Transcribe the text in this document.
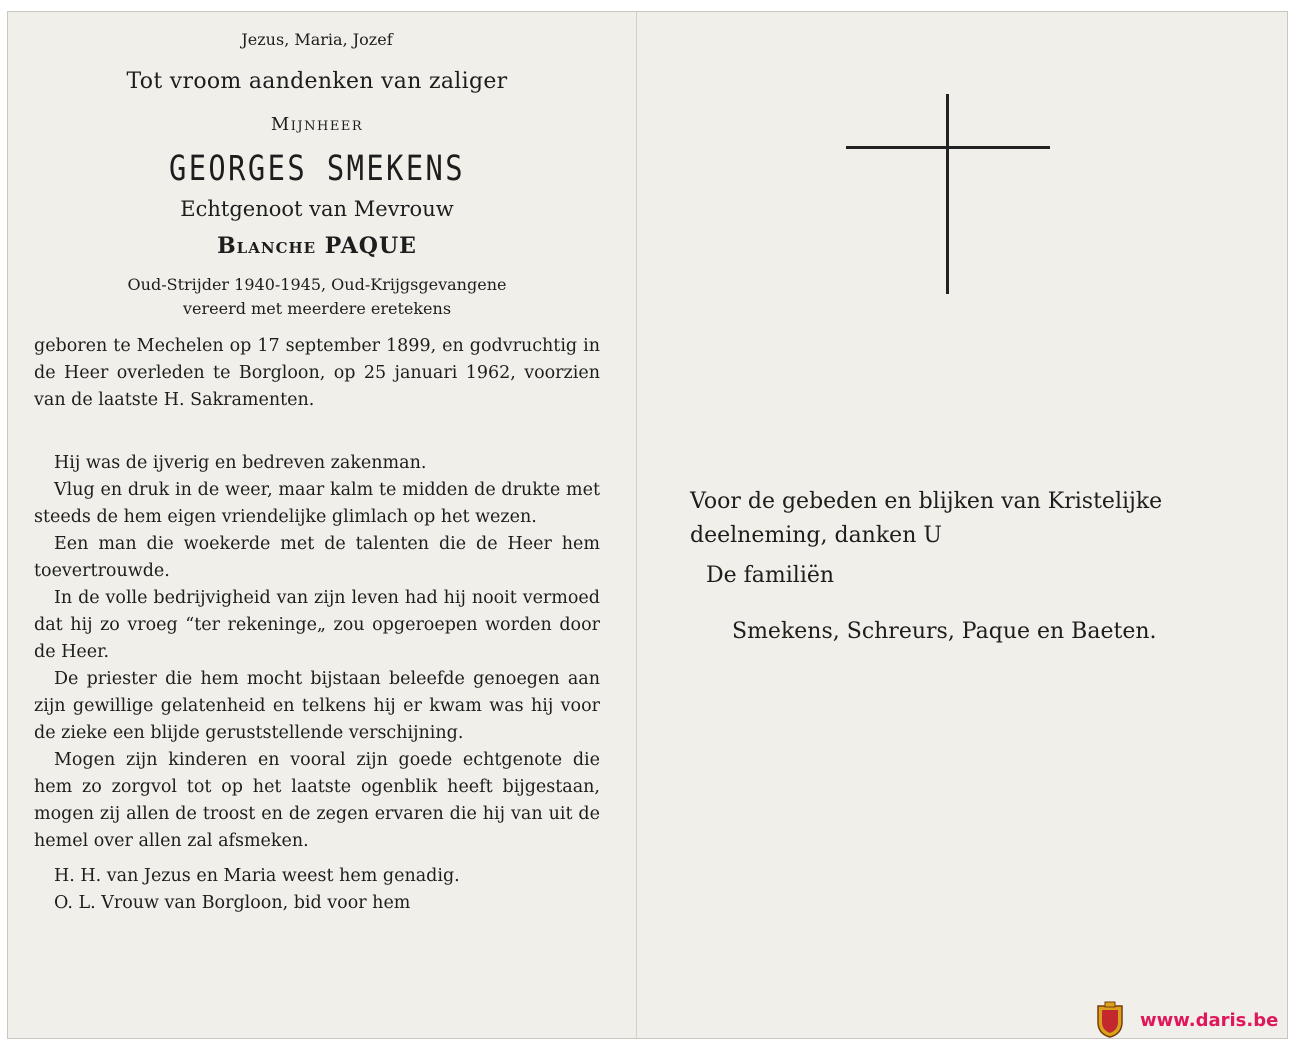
Jezus, Maria, Jozef

Tot vroom aandenken van zaliger

Mijnheer

GEORGES SMEKENS

Echtgenoot van Mevrouw

Blanche PAQUE

Oud-Strijder 1940-1945, Oud-Krijgsgevangene
vereerd met meerdere eretekens

geboren te Mechelen op 17 september 1899, en godvruchtig in de Heer overleden te Borgloon, op 25 januari 1962, voorzien van de laatste H. Sakramenten.

Hij was de ijverig en bedreven zakenman.

Vlug en druk in de weer, maar kalm te midden de drukte met steeds de hem eigen vriendelijke glimlach op het wezen.

Een man die woekerde met de talenten die de Heer hem toevertrouwde.

In de volle bedrijvigheid van zijn leven had hij nooit vermoed dat hij zo vroeg “ter rekeninge„ zou opgeroepen worden door de Heer.

De priester die hem mocht bijstaan beleefde genoegen aan zijn gewillige gelatenheid en telkens hij er kwam was hij voor de zieke een blijde geruststellende verschijning.

Mogen zijn kinderen en vooral zijn goede echtgenote die hem zo zorgvol tot op het laatste ogenblik heeft bijgestaan, mogen zij allen de troost en de zegen ervaren die hij van uit de hemel over allen zal afsmeken.

H. H. van Jezus en Maria weest hem genadig.
O. L. Vrouw van Borgloon, bid voor hem
Voor de gebeden en blijken van Kristelijke deelneming, danken U
De familiën
Smekens, Schreurs, Paque en Baeten.
www.daris.be
